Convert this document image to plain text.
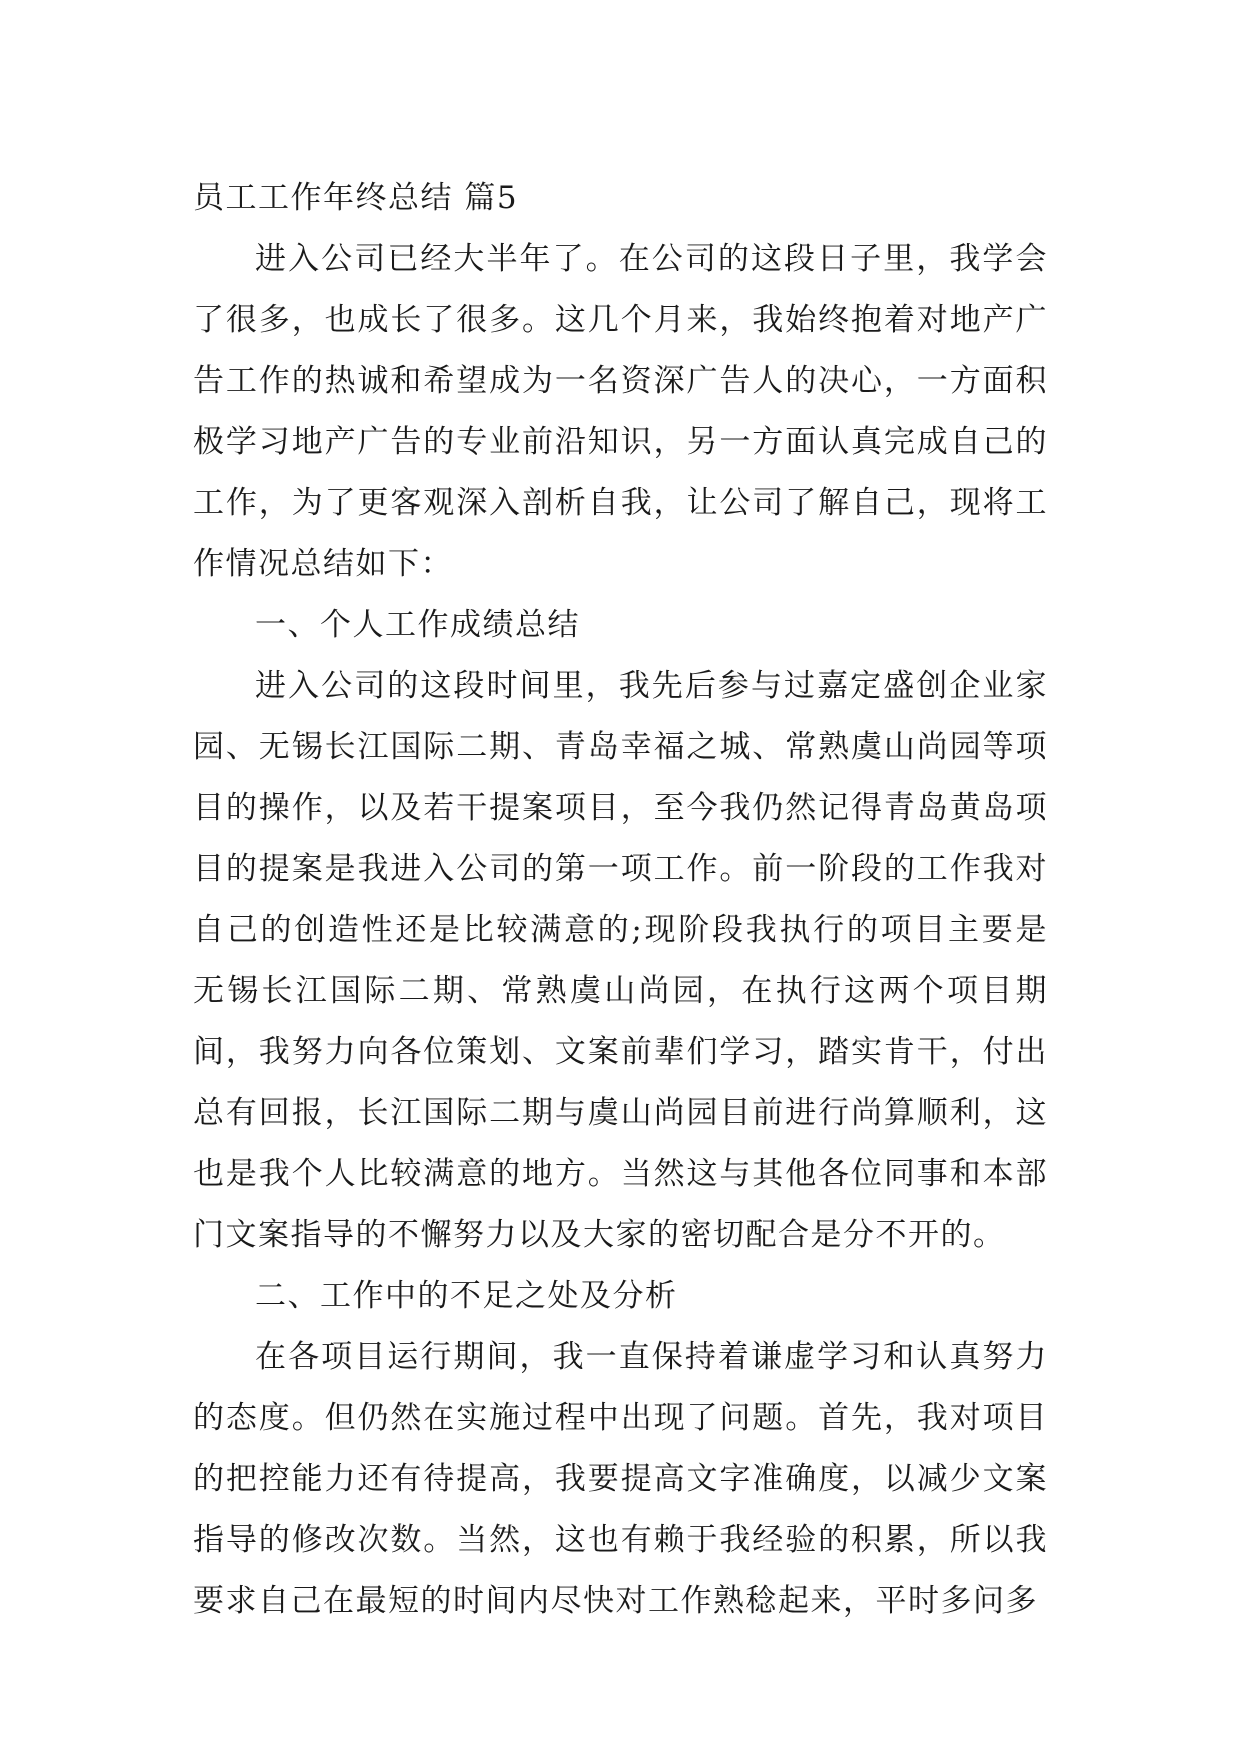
员工工作年终总结 篇5

进入公司已经大半年了。在公司的这段日子里，我学会了很多，也成长了很多。这几个月来，我始终抱着对地产广告工作的热诚和希望成为一名资深广告人的决心，一方面积极学习地产广告的专业前沿知识，另一方面认真完成自己的工作，为了更客观深入剖析自我，让公司了解自己，现将工作情况总结如下：

一、个人工作成绩总结

进入公司的这段时间里，我先后参与过嘉定盛创企业家园、无锡长江国际二期、青岛幸福之城、常熟虞山尚园等项目的操作，以及若干提案项目，至今我仍然记得青岛黄岛项目的提案是我进入公司的第一项工作。前一阶段的工作我对自己的创造性还是比较满意的;现阶段我执行的项目主要是无锡长江国际二期、常熟虞山尚园，在执行这两个项目期间，我努力向各位策划、文案前辈们学习，踏实肯干，付出总有回报，长江国际二期与虞山尚园目前进行尚算顺利，这也是我个人比较满意的地方。当然这与其他各位同事和本部门文案指导的不懈努力以及大家的密切配合是分不开的。

二、工作中的不足之处及分析

在各项目运行期间，我一直保持着谦虚学习和认真努力的态度。但仍然在实施过程中出现了问题。首先，我对项目的把控能力还有待提高，我要提高文字准确度，以减少文案指导的修改次数。当然，这也有赖于我经验的积累，所以我要求自己在最短的时间内尽快对工作熟稔起来，平时多问多
